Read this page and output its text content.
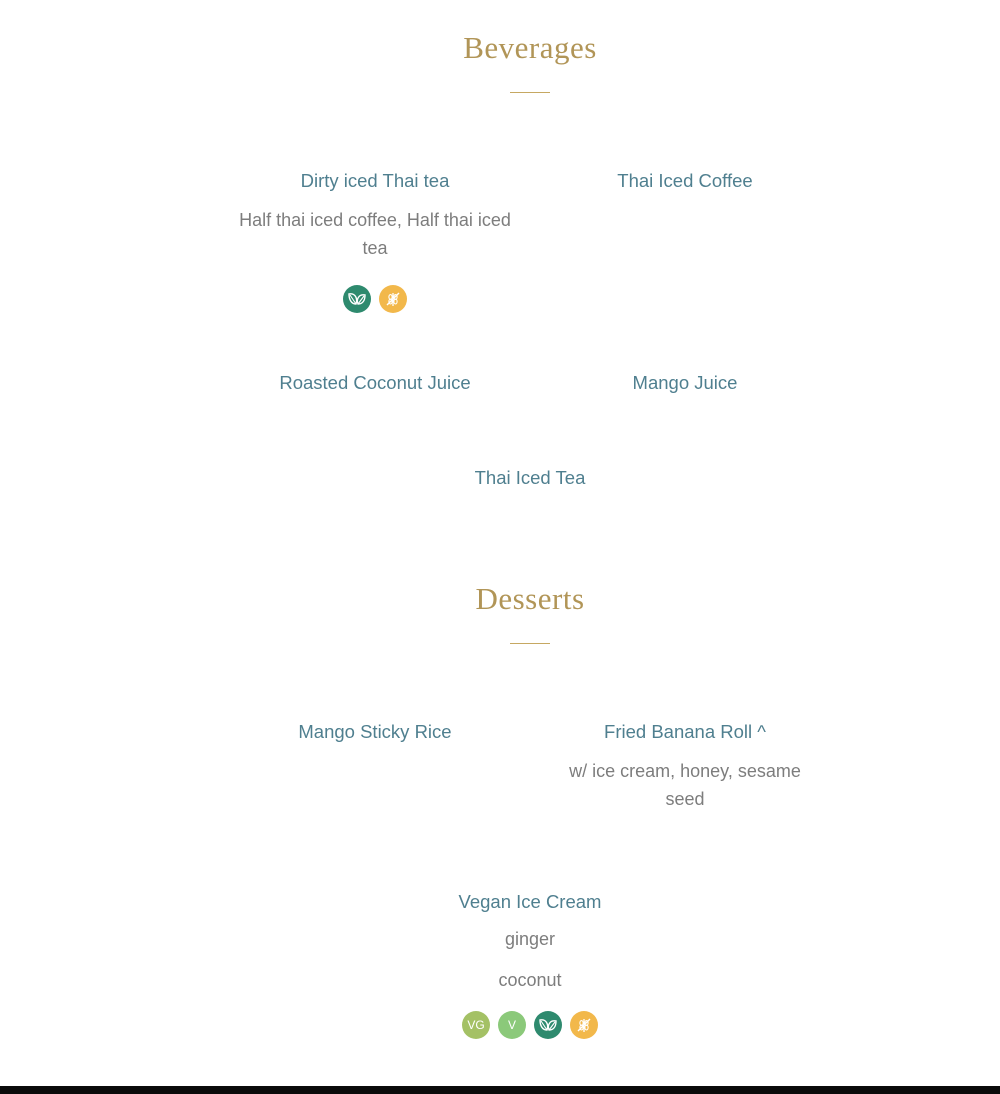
Beverages
Dirty iced Thai tea
Half thai iced coffee, Half thai iced tea
Thai Iced Coffee
Roasted Coconut Juice	Mango Juice
Thai Iced Tea
Desserts
Mango Sticky Rice	Fried Banana Roll ^
w/ ice cream, honey, sesame seed
Vegan Ice Cream
ginger
coconut
VG V
